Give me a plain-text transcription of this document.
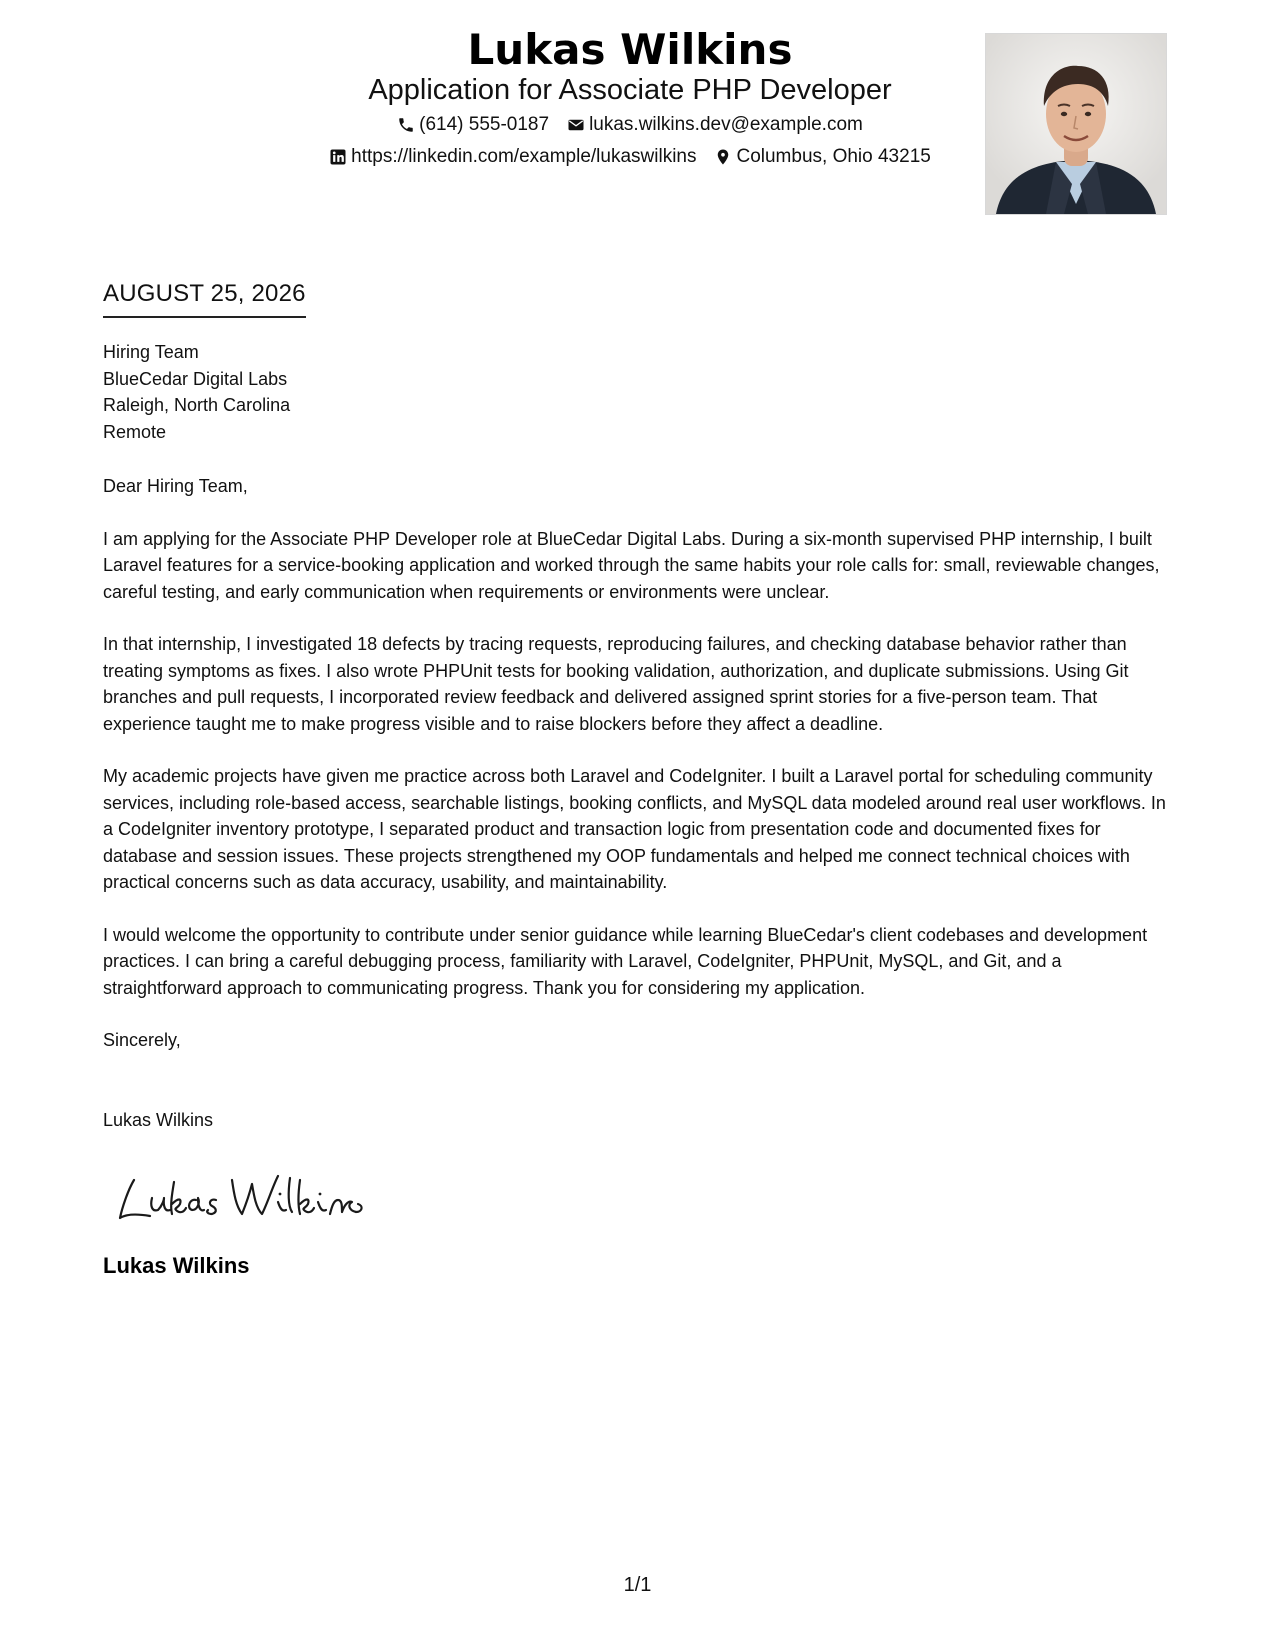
Lukas Wilkins
Application for Associate PHP Developer
(614) 555-0187 lukas.wilkins.dev@example.com
https://linkedin.com/example/lukaswilkins Columbus, Ohio 43215
AUGUST 25, 2026
Hiring Team
BlueCedar Digital Labs
Raleigh, North Carolina
Remote

Dear Hiring Team,

I am applying for the Associate PHP Developer role at BlueCedar Digital Labs. During a six-month supervised PHP internship, I built Laravel features for a service-booking application and worked through the same habits your role calls for: small, reviewable changes, careful testing, and early communication when requirements or environments were unclear.

In that internship, I investigated 18 defects by tracing requests, reproducing failures, and checking database behavior rather than treating symptoms as fixes. I also wrote PHPUnit tests for booking validation, authorization, and duplicate submissions. Using Git branches and pull requests, I incorporated review feedback and delivered assigned sprint stories for a five-person team. That experience taught me to make progress visible and to raise blockers before they affect a deadline.

My academic projects have given me practice across both Laravel and CodeIgniter. I built a Laravel portal for scheduling community services, including role-based access, searchable listings, booking conflicts, and MySQL data modeled around real user workflows. In a CodeIgniter inventory prototype, I separated product and transaction logic from presentation code and documented fixes for database and session issues. These projects strengthened my OOP fundamentals and helped me connect technical choices with practical concerns such as data accuracy, usability, and maintainability.

I would welcome the opportunity to contribute under senior guidance while learning BlueCedar's client codebases and development practices. I can bring a careful debugging process, familiarity with Laravel, CodeIgniter, PHPUnit, MySQL, and Git, and a straightforward approach to communicating progress. Thank you for considering my application.

Sincerely,
Lukas Wilkins
Lukas Wilkins
1/1
